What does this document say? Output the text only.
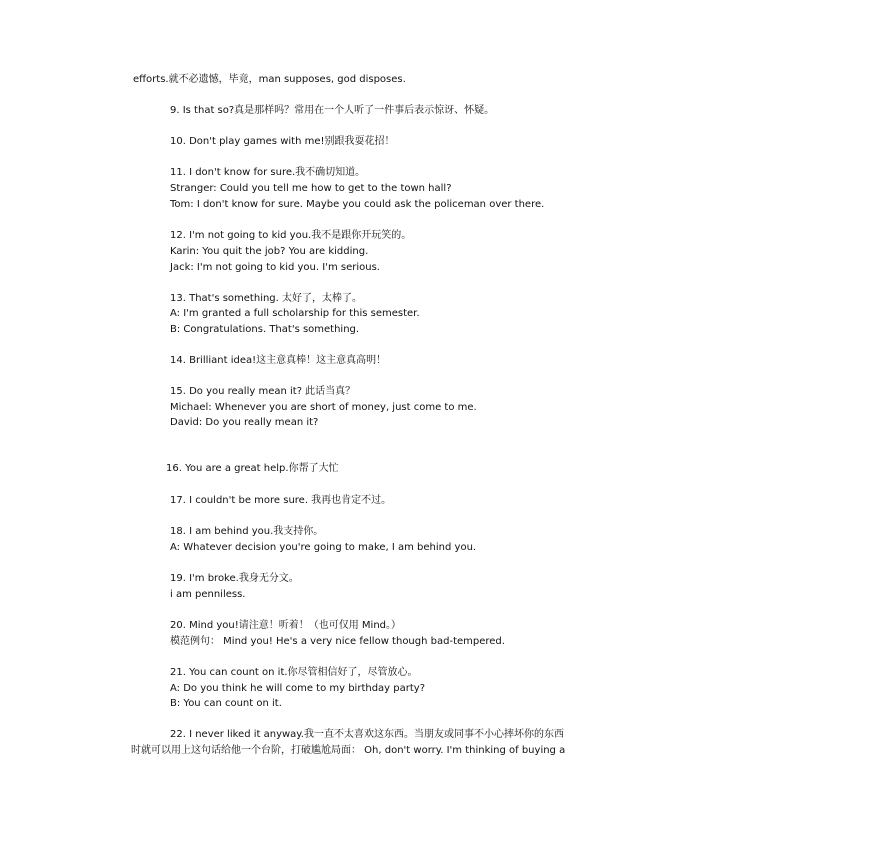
efforts.就不必遗憾，毕竟，man supposes, god disposes.
9. Is that so?真是那样吗？常用在一个人听了一件事后表示惊讶、怀疑。
10. Don't play games with me!别跟我耍花招！
11. I don't know for sure.我不确切知道。
Stranger: Could you tell me how to get to the town hall?
Tom: I don't know for sure. Maybe you could ask the policeman over there.
12. I'm not going to kid you.我不是跟你开玩笑的。
Karin: You quit the job? You are kidding.
Jack: I'm not going to kid you. I'm serious.
13. That's something. 太好了，太棒了。
A: I'm granted a full scholarship for this semester.
B: Congratulations. That's something.
14. Brilliant idea!这主意真棒！这主意真高明！
15. Do you really mean it? 此话当真？
Michael: Whenever you are short of money, just come to me.
David: Do you really mean it?
16. You are a great help.你帮了大忙
17. I couldn't be more sure. 我再也肯定不过。
18. I am behind you.我支持你。
A: Whatever decision you're going to make, I am behind you.
19. I'm broke.我身无分文。
i am penniless.
20. Mind you!请注意！听着！（也可仅用 Mind。）
模范例句： Mind you! He's a very nice fellow though bad-tempered.
21. You can count on it.你尽管相信好了，尽管放心。
A: Do you think he will come to my birthday party?
B: You can count on it.
22. I never liked it anyway.我一直不太喜欢这东西。当朋友或同事不小心摔坏你的东西
时就可以用上这句话给他一个台阶，打破尴尬局面： Oh, don't worry. I'm thinking of buying a
